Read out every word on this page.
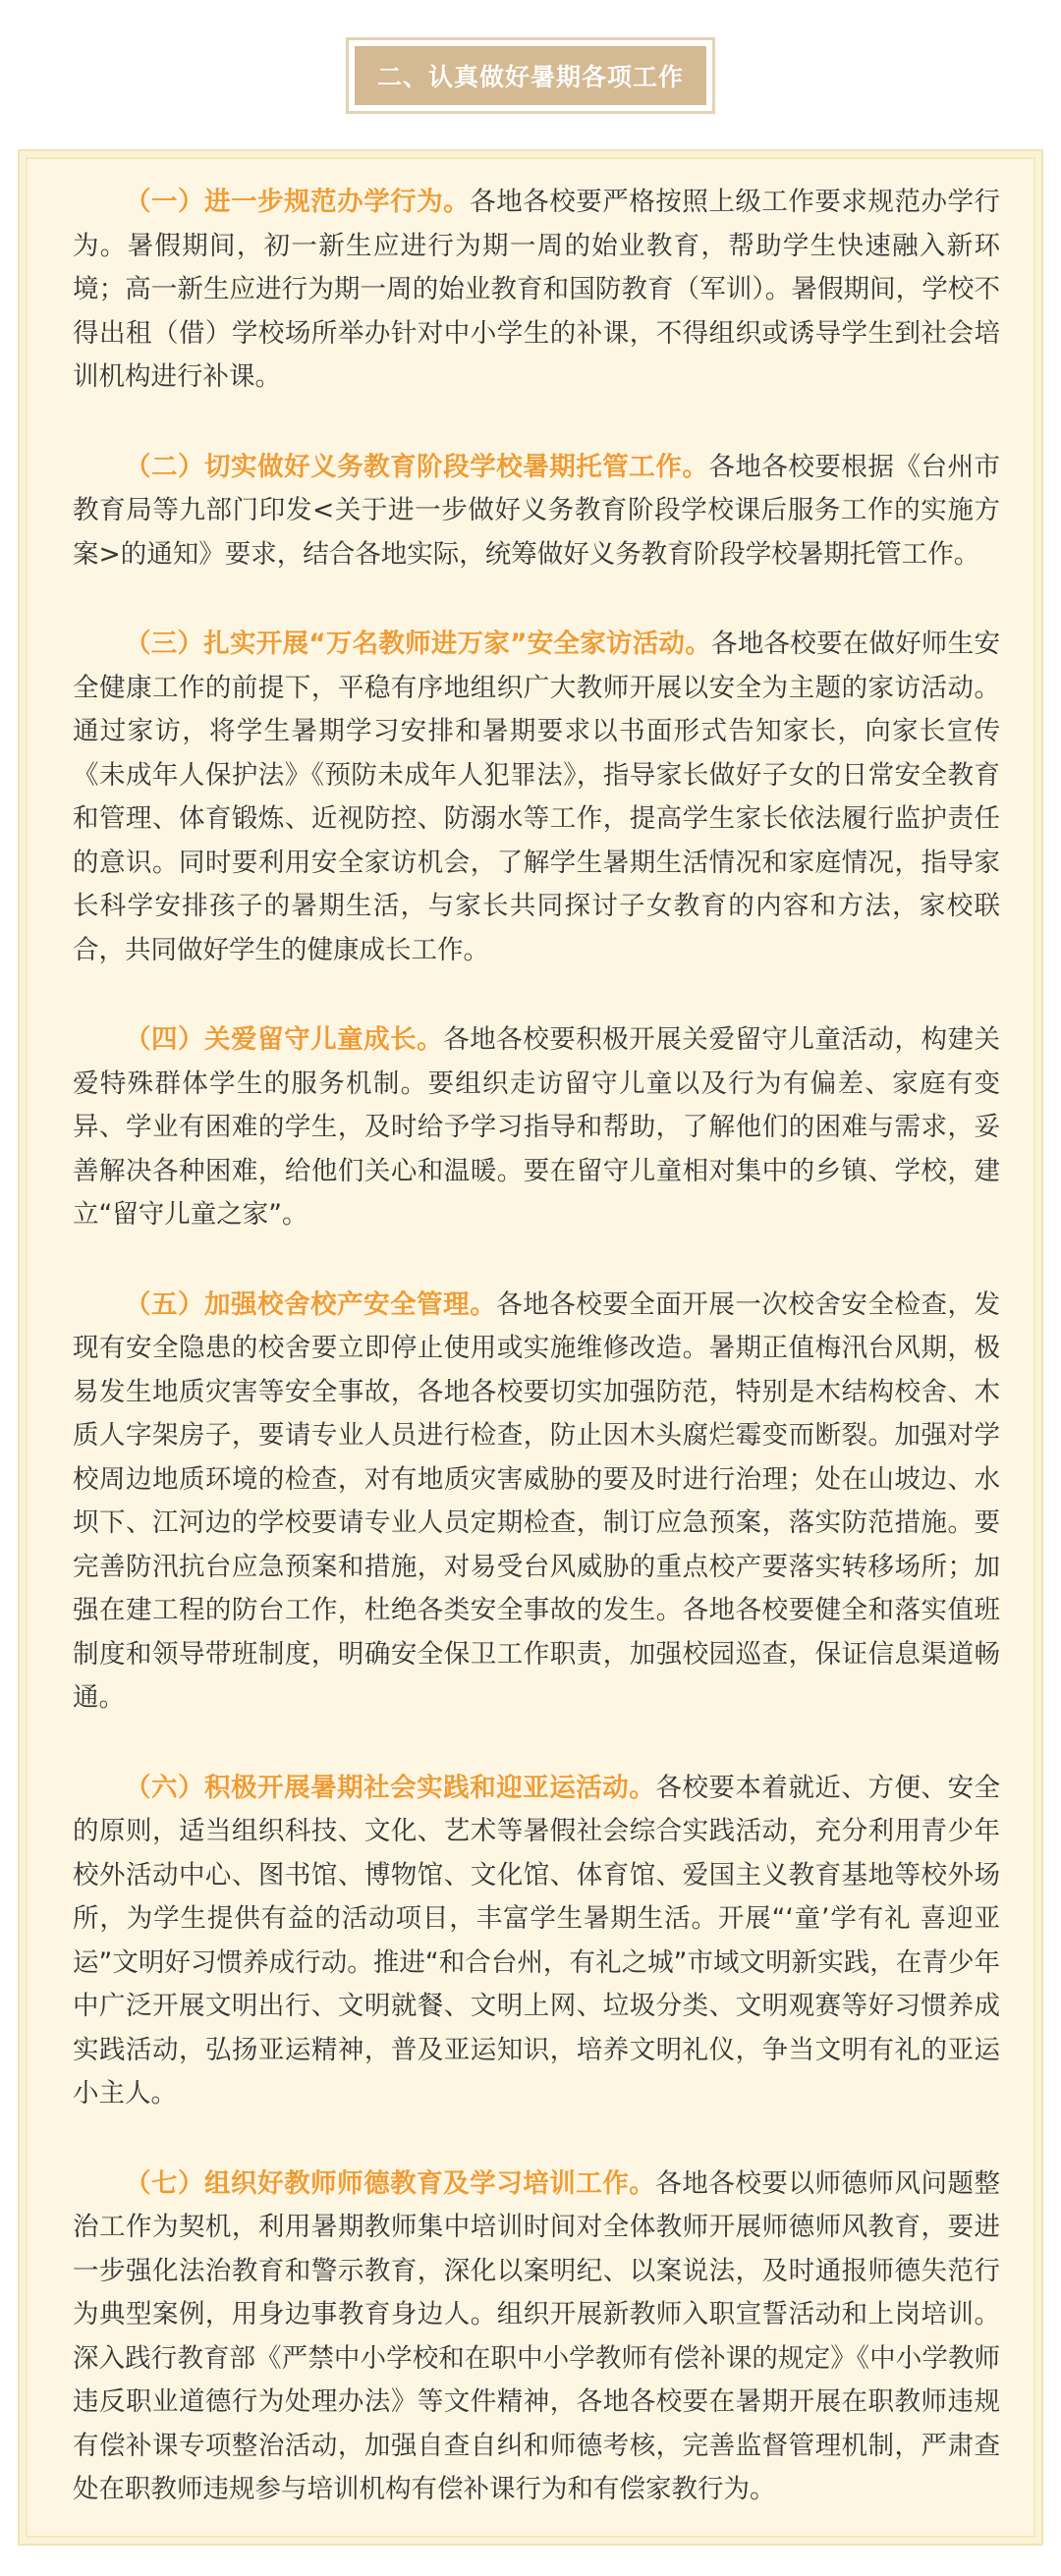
二、认真做好暑期各项工作

（一）进一步规范办学行为。各地各校要严格按照上级工作要求规范办学行为。暑假期间，初一新生应进行为期一周的始业教育，帮助学生快速融入新环境；高一新生应进行为期一周的始业教育和国防教育（军训）。暑假期间，学校不得出租（借）学校场所举办针对中小学生的补课，不得组织或诱导学生到社会培训机构进行补课。

（二）切实做好义务教育阶段学校暑期托管工作。各地各校要根据《台州市教育局等九部门印发<关于进一步做好义务教育阶段学校课后服务工作的实施方案>的通知》要求，结合各地实际，统筹做好义务教育阶段学校暑期托管工作。

（三）扎实开展“万名教师进万家”安全家访活动。各地各校要在做好师生安全健康工作的前提下，平稳有序地组织广大教师开展以安全为主题的家访活动。通过家访，将学生暑期学习安排和暑期要求以书面形式告知家长，向家长宣传《未成年人保护法》《预防未成年人犯罪法》，指导家长做好子女的日常安全教育和管理、体育锻炼、近视防控、防溺水等工作，提高学生家长依法履行监护责任的意识。同时要利用安全家访机会，了解学生暑期生活情况和家庭情况，指导家长科学安排孩子的暑期生活，与家长共同探讨子女教育的内容和方法，家校联合，共同做好学生的健康成长工作。

（四）关爱留守儿童成长。各地各校要积极开展关爱留守儿童活动，构建关爱特殊群体学生的服务机制。要组织走访留守儿童以及行为有偏差、家庭有变异、学业有困难的学生，及时给予学习指导和帮助，了解他们的困难与需求，妥善解决各种困难，给他们关心和温暖。要在留守儿童相对集中的乡镇、学校，建立“留守儿童之家”。

（五）加强校舍校产安全管理。各地各校要全面开展一次校舍安全检查，发现有安全隐患的校舍要立即停止使用或实施维修改造。暑期正值梅汛台风期，极易发生地质灾害等安全事故，各地各校要切实加强防范，特别是木结构校舍、木质人字架房子，要请专业人员进行检查，防止因木头腐烂霉变而断裂。加强对学校周边地质环境的检查，对有地质灾害威胁的要及时进行治理；处在山坡边、水坝下、江河边的学校要请专业人员定期检查，制订应急预案，落实防范措施。要完善防汛抗台应急预案和措施，对易受台风威胁的重点校产要落实转移场所；加强在建工程的防台工作，杜绝各类安全事故的发生。各地各校要健全和落实值班制度和领导带班制度，明确安全保卫工作职责，加强校园巡查，保证信息渠道畅通。

（六）积极开展暑期社会实践和迎亚运活动。各校要本着就近、方便、安全的原则，适当组织科技、文化、艺术等暑假社会综合实践活动，充分利用青少年校外活动中心、图书馆、博物馆、文化馆、体育馆、爱国主义教育基地等校外场所，为学生提供有益的活动项目，丰富学生暑期生活。开展“‘童’学有礼 喜迎亚运”文明好习惯养成行动。推进“和合台州，有礼之城”市域文明新实践，在青少年中广泛开展文明出行、文明就餐、文明上网、垃圾分类、文明观赛等好习惯养成实践活动，弘扬亚运精神，普及亚运知识，培养文明礼仪，争当文明有礼的亚运小主人。

（七）组织好教师师德教育及学习培训工作。各地各校要以师德师风问题整治工作为契机，利用暑期教师集中培训时间对全体教师开展师德师风教育，要进一步强化法治教育和警示教育，深化以案明纪、以案说法，及时通报师德失范行为典型案例，用身边事教育身边人。组织开展新教师入职宣誓活动和上岗培训。深入践行教育部《严禁中小学校和在职中小学教师有偿补课的规定》《中小学教师违反职业道德行为处理办法》等文件精神，各地各校要在暑期开展在职教师违规有偿补课专项整治活动，加强自查自纠和师德考核，完善监督管理机制，严肃查处在职教师违规参与培训机构有偿补课行为和有偿家教行为。
